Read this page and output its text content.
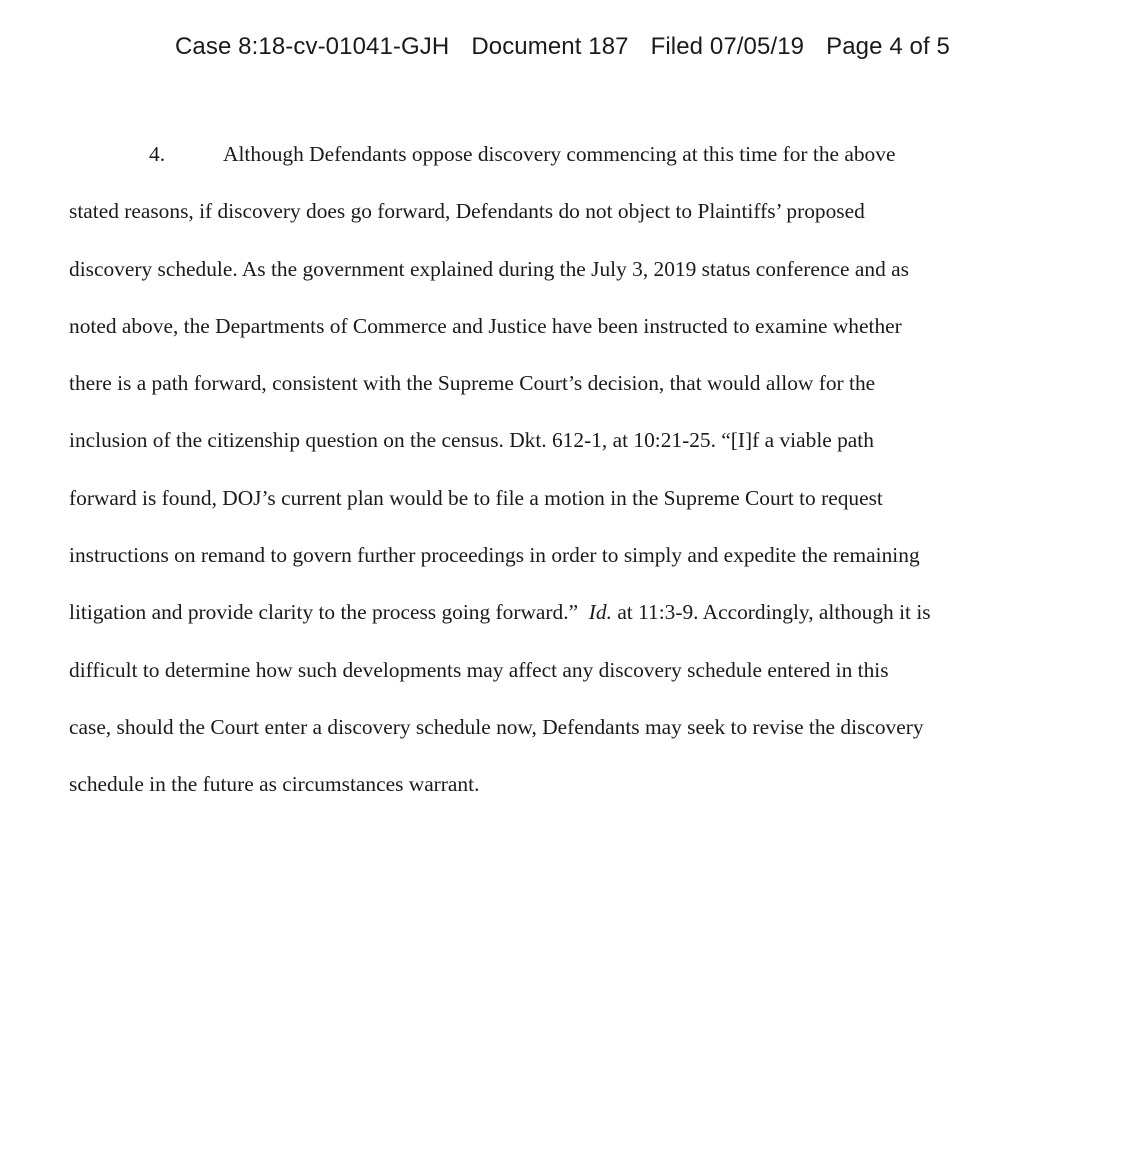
Case 8:18-cv-01041-GJH Document 187 Filed 07/05/19 Page 4 of 5
4.	Although Defendants oppose discovery commencing at this time for the above
stated reasons, if discovery does go forward, Defendants do not object to Plaintiffs’ proposed
discovery schedule. As the government explained during the July 3, 2019 status conference and as
noted above, the Departments of Commerce and Justice have been instructed to examine whether
there is a path forward, consistent with the Supreme Court’s decision, that would allow for the
inclusion of the citizenship question on the census. Dkt. 612-1, at 10:21-25. “[I]f a viable path
forward is found, DOJ’s current plan would be to file a motion in the Supreme Court to request
instructions on remand to govern further proceedings in order to simply and expedite the remaining
litigation and provide clarity to the process going forward.” Id. at 11:3-9. Accordingly, although it is
difficult to determine how such developments may affect any discovery schedule entered in this
case, should the Court enter a discovery schedule now, Defendants may seek to revise the discovery
schedule in the future as circumstances warrant.
